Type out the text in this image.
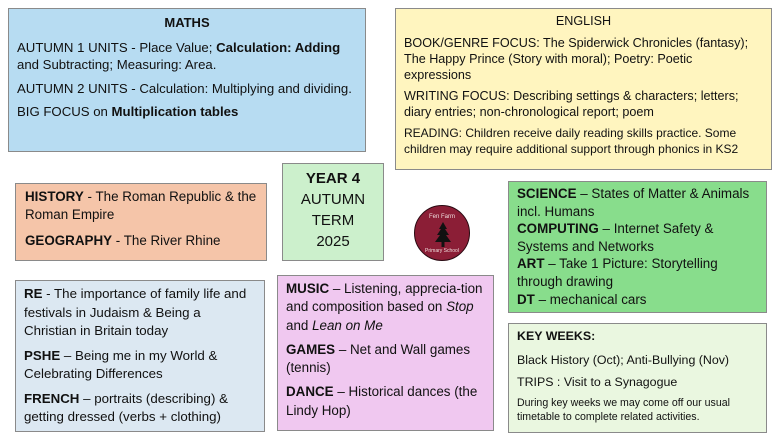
MATHS

AUTUMN 1 UNITS - Place Value; Calculation: Adding and Subtracting; Measuring: Area.

AUTUMN 2 UNITS - Calculation: Multiplying and dividing.

BIG FOCUS on Multiplication tables

ENGLISH

BOOK/GENRE FOCUS: The Spiderwick Chronicles (fantasy); The Happy Prince (Story with moral); Poetry: Poetic expressions

WRITING FOCUS: Describing settings & characters; letters; diary entries; non-chronological report; poem

READING: Children receive daily reading skills practice. Some children may require additional support through phonics in KS2

YEAR 4
AUTUMN
TERM
2025

HISTORY - The Roman Republic & the Roman Empire

GEOGRAPHY - The River Rhine

Fen Farm
Primary School
SCIENCE – States of Matter & Animals incl. Humans
COMPUTING – Internet Safety & Systems and Networks
ART – Take 1 Picture: Storytelling through drawing
DT – mechanical cars

RE - The importance of family life and festivals in Judaism & Being a Christian in Britain today

PSHE – Being me in my World & Celebrating Differences

FRENCH – portraits (describing) & getting dressed (verbs + clothing)

MUSIC – Listening, apprecia-tion and composition based on Stop and Lean on Me

GAMES – Net and Wall games (tennis)

DANCE – Historical dances (the Lindy Hop)

KEY WEEKS:

Black History (Oct); Anti-Bullying (Nov)

TRIPS : Visit to a Synagogue

During key weeks we may come off our usual timetable to complete related activities.
